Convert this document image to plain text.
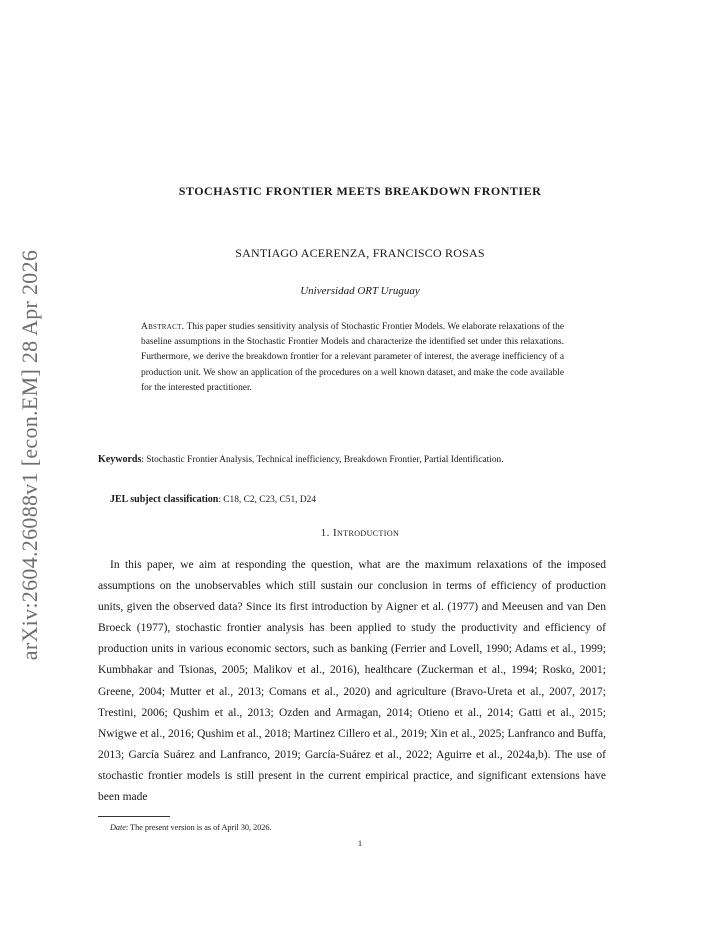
arXiv:2604.26088v1 [econ.EM] 28 Apr 2026
STOCHASTIC FRONTIER MEETS BREAKDOWN FRONTIER
SANTIAGO ACERENZA, FRANCISCO ROSAS
Universidad ORT Uruguay
Abstract. This paper studies sensitivity analysis of Stochastic Frontier Models. We elaborate relaxations of the baseline assumptions in the Stochastic Frontier Models and characterize the identified set under this relaxations. Furthermore, we derive the breakdown frontier for a relevant parameter of interest, the average inefficiency of a production unit. We show an application of the procedures on a well known dataset, and make the code available for the interested practitioner.
Keywords: Stochastic Frontier Analysis, Technical inefficiency, Breakdown Frontier, Partial Identification.
JEL subject classification: C18, C2, C23, C51, D24
1. Introduction
In this paper, we aim at responding the question, what are the maximum relaxations of the imposed assumptions on the unobservables which still sustain our conclusion in terms of efficiency of production units, given the observed data? Since its first introduction by Aigner et al. (1977) and Meeusen and van Den Broeck (1977), stochastic frontier analysis has been applied to study the productivity and efficiency of production units in various economic sectors, such as banking (Ferrier and Lovell, 1990; Adams et al., 1999; Kumbhakar and Tsionas, 2005; Malikov et al., 2016), healthcare (Zuckerman et al., 1994; Rosko, 2001; Greene, 2004; Mutter et al., 2013; Comans et al., 2020) and agriculture (Bravo-Ureta et al., 2007, 2017; Trestini, 2006; Qushim et al., 2013; Ozden and Armagan, 2014; Otieno et al., 2014; Gatti et al., 2015; Nwigwe et al., 2016; Qushim et al., 2018; Martinez Cillero et al., 2019; Xin et al., 2025; Lanfranco and Buffa, 2013; García Suárez and Lanfranco, 2019; García-Suárez et al., 2022; Aguirre et al., 2024a,b). The use of stochastic frontier models is still present in the current empirical practice, and significant extensions have been made
Date: The present version is as of April 30, 2026.
1
